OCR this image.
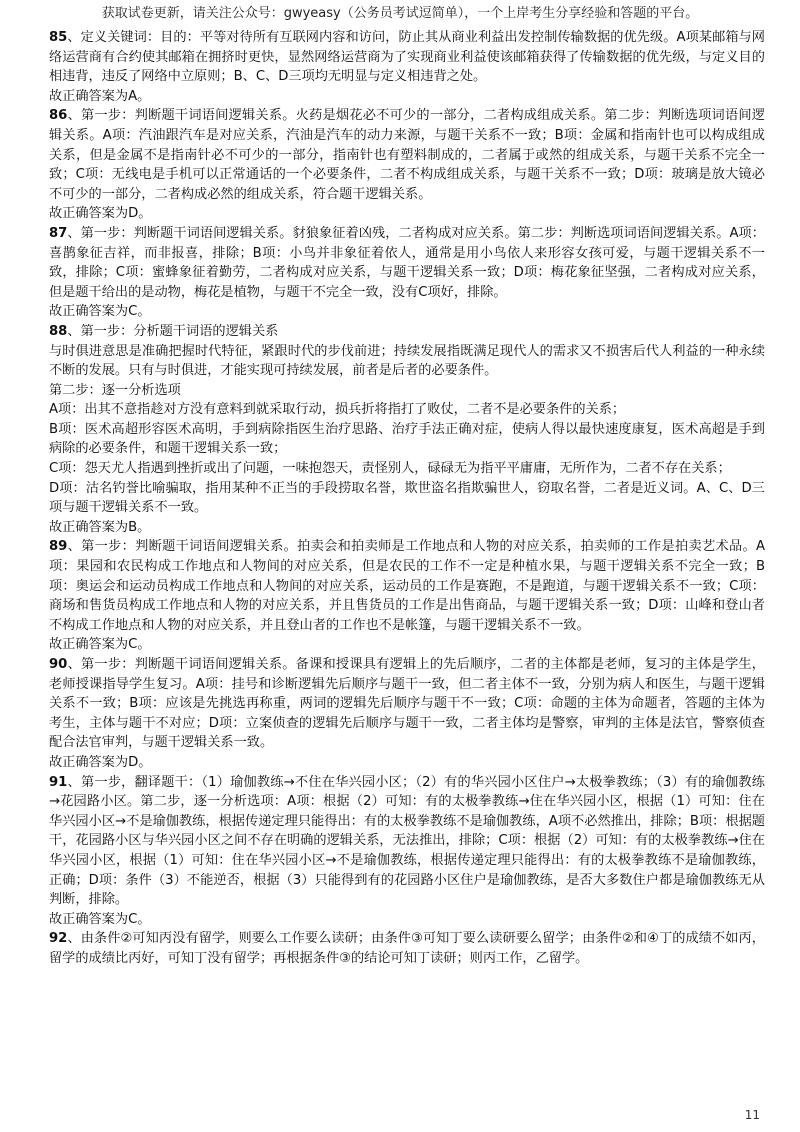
获取试卷更新，请关注公众号：gwyeasy（公务员考试逗简单），一个上岸考生分享经验和答题的平台。

85、定义关键词：目的：平等对待所有互联网内容和访问，防止其从商业利益出发控制传输数据的优先级。A项某邮箱与网络运营商有合约使其邮箱在拥挤时更快，显然网络运营商为了实现商业利益使该邮箱获得了传输数据的优先级，与定义目的相违背，违反了网络中立原则；B、C、D三项均无明显与定义相违背之处。

故正确答案为A。

86、第一步：判断题干词语间逻辑关系。火药是烟花必不可少的一部分，二者构成组成关系。第二步：判断选项词语间逻辑关系。A项：汽油跟汽车是对应关系，汽油是汽车的动力来源，与题干关系不一致；B项：金属和指南针也可以构成组成关系，但是金属不是指南针必不可少的一部分，指南针也有塑料制成的，二者属于或然的组成关系，与题干关系不完全一致；C项：无线电是手机可以正常通话的一个必要条件，二者不构成组成关系，与题干关系不一致；D项：玻璃是放大镜必不可少的一部分，二者构成必然的组成关系，符合题干逻辑关系。

故正确答案为D。

87、第一步：判断题干词语间逻辑关系。豺狼象征着凶残，二者构成对应关系。第二步：判断选项词语间逻辑关系。A项：喜鹊象征吉祥，而非报喜，排除；B项：小鸟并非象征着依人，通常是用小鸟依人来形容女孩可爱，与题干逻辑关系不一致，排除；C项：蜜蜂象征着勤劳，二者构成对应关系，与题干逻辑关系一致；D项：梅花象征坚强，二者构成对应关系，但是题干给出的是动物，梅花是植物，与题干不完全一致，没有C项好，排除。

故正确答案为C。

88、第一步：分析题干词语的逻辑关系

与时俱进意思是准确把握时代特征，紧跟时代的步伐前进；持续发展指既满足现代人的需求又不损害后代人利益的一种永续不断的发展。只有与时俱进，才能实现可持续发展，前者是后者的必要条件。

第二步：逐一分析选项

A项：出其不意指趁对方没有意料到就采取行动，损兵折将指打了败仗，二者不是必要条件的关系；

B项：医术高超形容医术高明，手到病除指医生治疗思路、治疗手法正确对症，使病人得以最快速度康复，医术高超是手到病除的必要条件，和题干逻辑关系一致；

C项：怨天尤人指遇到挫折或出了问题，一味抱怨天，责怪别人，碌碌无为指平平庸庸，无所作为，二者不存在关系；

D项：沽名钓誉比喻骗取，指用某种不正当的手段捞取名誉，欺世盗名指欺骗世人，窃取名誉，二者是近义词。A、C、D三项与题干逻辑关系不一致。

故正确答案为B。

89、第一步：判断题干词语间逻辑关系。拍卖会和拍卖师是工作地点和人物的对应关系，拍卖师的工作是拍卖艺术品。A项：果园和农民构成工作地点和人物间的对应关系，但是农民的工作不一定是种植水果，与题干逻辑关系不完全一致；B项：奥运会和运动员构成工作地点和人物间的对应关系，运动员的工作是赛跑，不是跑道，与题干逻辑关系不一致；C项：商场和售货员构成工作地点和人物的对应关系，并且售货员的工作是出售商品，与题干逻辑关系一致；D项：山峰和登山者不构成工作地点和人物的对应关系，并且登山者的工作也不是帐篷，与题干逻辑关系不一致。

故正确答案为C。

90、第一步：判断题干词语间逻辑关系。备课和授课具有逻辑上的先后顺序，二者的主体都是老师，复习的主体是学生，老师授课指导学生复习。A项：挂号和诊断逻辑先后顺序与题干一致，但二者主体不一致，分别为病人和医生，与题干逻辑关系不一致；B项：应该是先挑选再称重，两词的逻辑先后顺序与题干不一致；C项：命题的主体为命题者，答题的主体为考生，主体与题干不对应；D项：立案侦查的逻辑先后顺序与题干一致，二者主体均是警察，审判的主体是法官，警察侦查配合法官审判，与题干逻辑关系一致。

故正确答案为D。

91、第一步，翻译题干：（1）瑜伽教练→不住在华兴园小区；（2）有的华兴园小区住户→太极拳教练；（3）有的瑜伽教练→花园路小区。第二步，逐一分析选项：A项：根据（2）可知：有的太极拳教练→住在华兴园小区，根据（1）可知：住在华兴园小区→不是瑜伽教练，根据传递定理只能得出：有的太极拳教练不是瑜伽教练，A项不必然推出，排除；B项：根据题干，花园路小区与华兴园小区之间不存在明确的逻辑关系，无法推出，排除；C项：根据（2）可知：有的太极拳教练→住在华兴园小区，根据（1）可知：住在华兴园小区→不是瑜伽教练，根据传递定理只能得出：有的太极拳教练不是瑜伽教练，正确；D项：条件（3）不能逆否，根据（3）只能得到有的花园路小区住户是瑜伽教练，是否大多数住户都是瑜伽教练无从判断，排除。

故正确答案为C。

92、由条件②可知丙没有留学，则要么工作要么读研；由条件③可知丁要么读研要么留学；由条件②和④丁的成绩不如丙，留学的成绩比丙好，可知丁没有留学；再根据条件③的结论可知丁读研；则丙工作，乙留学。

11
